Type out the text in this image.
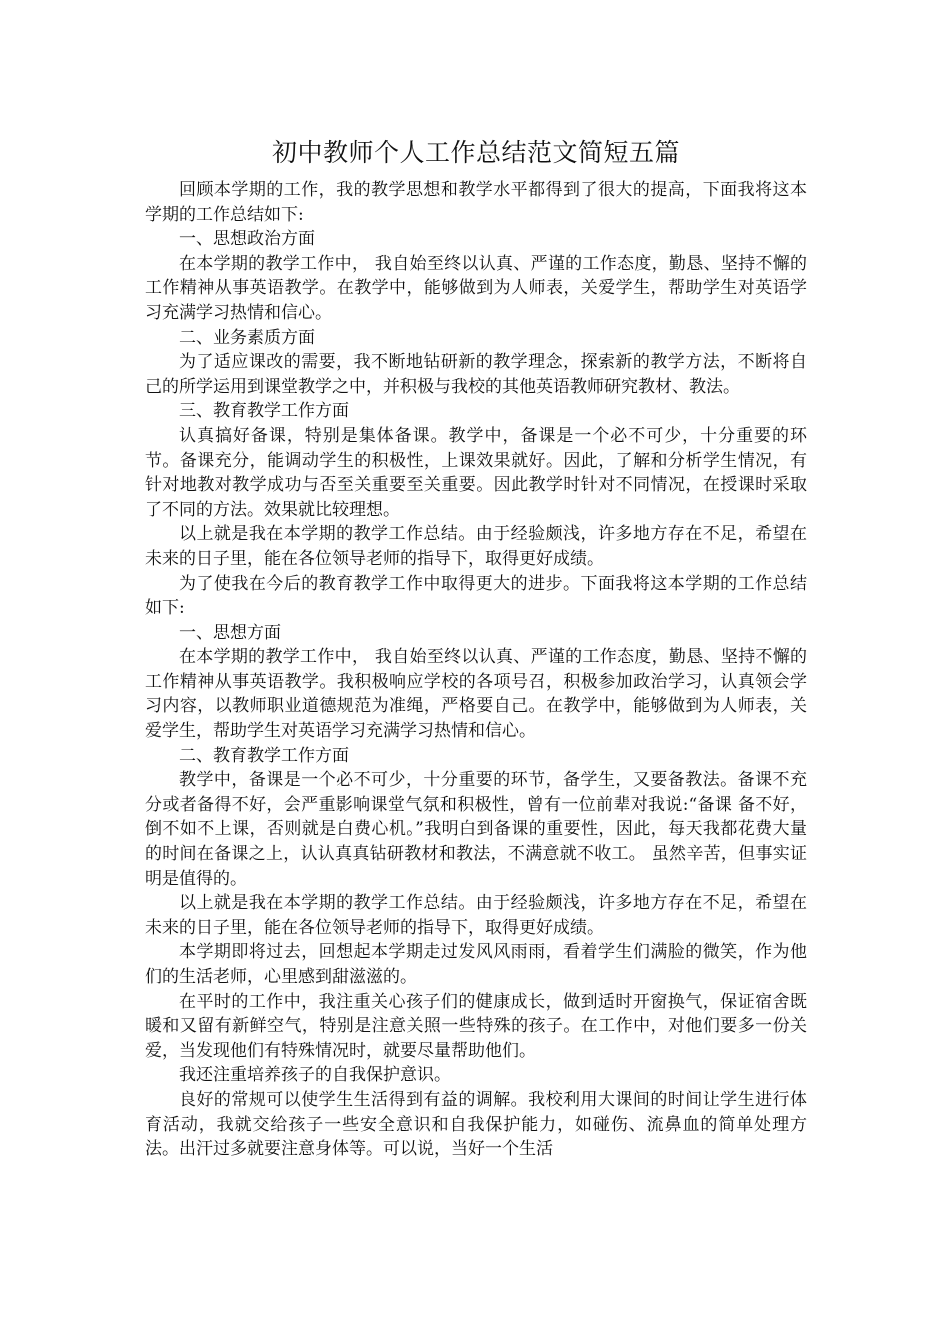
初中教师个人工作总结范文简短五篇

回顾本学期的工作，我的教学思想和教学水平都得到了很大的提高，下面我将这本学期的工作总结如下:

一、思想政治方面

在本学期的教学工作中， 我自始至终以认真、严谨的工作态度，勤恳、坚持不懈的工作精神从事英语教学。在教学中，能够做到为人师表，关爱学生，帮助学生对英语学习充满学习热情和信心。

二、业务素质方面

为了适应课改的需要，我不断地钻研新的教学理念，探索新的教学方法，不断将自己的所学运用到课堂教学之中，并积极与我校的其他英语教师研究教材、教法。

三、教育教学工作方面

认真搞好备课，特别是集体备课。教学中，备课是一个必不可少，十分重要的环节。备课充分，能调动学生的积极性，上课效果就好。因此，了解和分析学生情况，有针对地教对教学成功与否至关重要至关重要。因此教学时针对不同情况，在授课时采取了不同的方法。效果就比较理想。

以上就是我在本学期的教学工作总结。由于经验颇浅，许多地方存在不足，希望在未来的日子里，能在各位领导老师的指导下，取得更好成绩。

为了使我在今后的教育教学工作中取得更大的进步。下面我将这本学期的工作总结如下:

一、思想方面

在本学期的教学工作中， 我自始至终以认真、严谨的工作态度，勤恳、坚持不懈的工作精神从事英语教学。我积极响应学校的各项号召，积极参加政治学习，认真领会学习内容，以教师职业道德规范为准绳，严格要自己。在教学中，能够做到为人师表，关爱学生，帮助学生对英语学习充满学习热情和信心。

二、教育教学工作方面

教学中，备课是一个必不可少，十分重要的环节，备学生，又要备教法。备课不充分或者备得不好，会严重影响课堂气氛和积极性，曾有一位前辈对我说:“备课 备不好，倒不如不上课，否则就是白费心机。”我明白到备课的重要性，因此，每天我都花费大量的时间在备课之上，认认真真钻研教材和教法，不满意就不收工。 虽然辛苦，但事实证明是值得的。

以上就是我在本学期的教学工作总结。由于经验颇浅，许多地方存在不足，希望在未来的日子里，能在各位领导老师的指导下，取得更好成绩。

本学期即将过去，回想起本学期走过发风风雨雨，看着学生们满脸的微笑，作为他们的生活老师，心里感到甜滋滋的。

在平时的工作中，我注重关心孩子们的健康成长，做到适时开窗换气，保证宿舍既暖和又留有新鲜空气，特别是注意关照一些特殊的孩子。在工作中，对他们要多一份关爱，当发现他们有特殊情况时，就要尽量帮助他们。

我还注重培养孩子的自我保护意识。

良好的常规可以使学生生活得到有益的调解。我校利用大课间的时间让学生进行体育活动，我就交给孩子一些安全意识和自我保护能力，如碰伤、流鼻血的简单处理方法。出汗过多就要注意身体等。可以说，当好一个生活
